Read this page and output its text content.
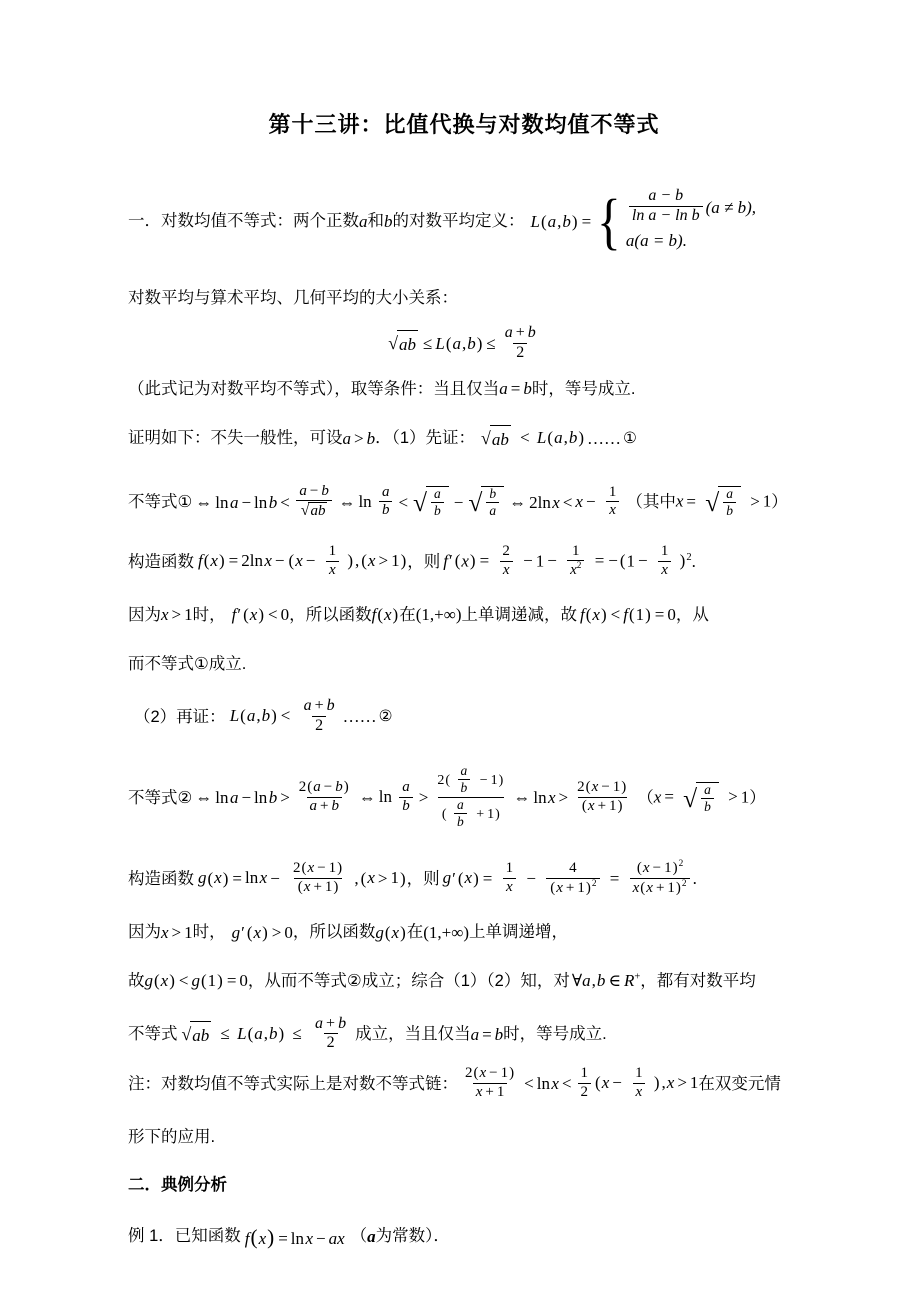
第十三讲：比值代换与对数均值不等式
一．对数均值不等式： 两个正数 a 和 b 的对数平均定义： L(a,b) = { $\frac{a - b}{\text{ln a − ln b}} (a \ne b)$,
a(a = b).
对数平均与算术平均、几何平均的大小关系：
√ a $b \le L(a,b) \le \frac{a + b}{2}$
（此式记为对数平均不等式），取等条件：当且仅当 a = b 时，等号成立.
证明如下：不失一般性，可设 a > b ．（1）先证： √ a b < L(a,b) …… ①
不等式① ⇔ ln a − ln $b < \frac{a - b}{\text{√ a b}}$ ⇔ $\ln \frac{a}{b}$ < √ $\frac{a}{b}$ − √ $\frac{b}{a}$ ⇔ 2ln $x < x - \frac{1}{x}$ （其中 x = √ $\frac{a}{b} > 1$ ）
构造函数 f(x) = 2ln $x - (x - \frac{1}{x}$ ) , (x > 1) ， 则 f′ $(x) = \frac{2}{x} - 1 - \frac{1}{x^2}$ = − $(1 - \frac{1}{x} )^2$ .
因为 x > 1 时， f′ (x) < 0 ， 所以函数 f(x) 在 (1,+∞) 上单调递减，故 f(x) < f(1) = 0 ， 从
而不等式①成立.
（2）再证： $L(a,b) < \frac{a + b}{2}$ …… ②
不等式② ⇔ ln a − ln $b > \frac{2(a - b)}{a + b}$ ⇔ $\ln \frac{a}{b} > \frac{2( \frac{a}{b} - 1)}{( \frac{a}{b} + 1)}$ ⇔ ln $x > \frac{2(x - 1)}{(x + 1)}$ （ x = √ $\frac{a}{b} > 1$ ）
构造函数 g(x) = ln $x - \frac{2(x - 1)}{(x + 1)}$ , (x > 1) ， 则 g′ $(x) = \frac{1}{x} - \frac{4}{(x + 1)^2} = \frac{(x - 1)^2}{x(x + 1)^2}$ .
因为 x > 1 时， g′ (x) > 0 ， 所以函数 g(x) 在 (1,+∞) 上单调递增，
故 g(x) < g(1) = 0 ， 从而不等式②成立；综合（1）（2）知，对 ∀a,b ∈ R+ ，都有对数平均
不等式 √ a $b \le L(a,b) \le \frac{a + b}{2}$ 成立，当且仅当 a = b 时，等号成立.
注：对数均值不等式实际上是对数不等式链： $\frac{2(x - 1)}{x + 1} < \ln$ $x < \frac{1}{2} (x - \frac{1}{x}$ ) ,x > 1 在双变元情
形下的应用.
二．典例分析
例 1．已知函数 f(x) = ln x − ax （ a 为常数）．
